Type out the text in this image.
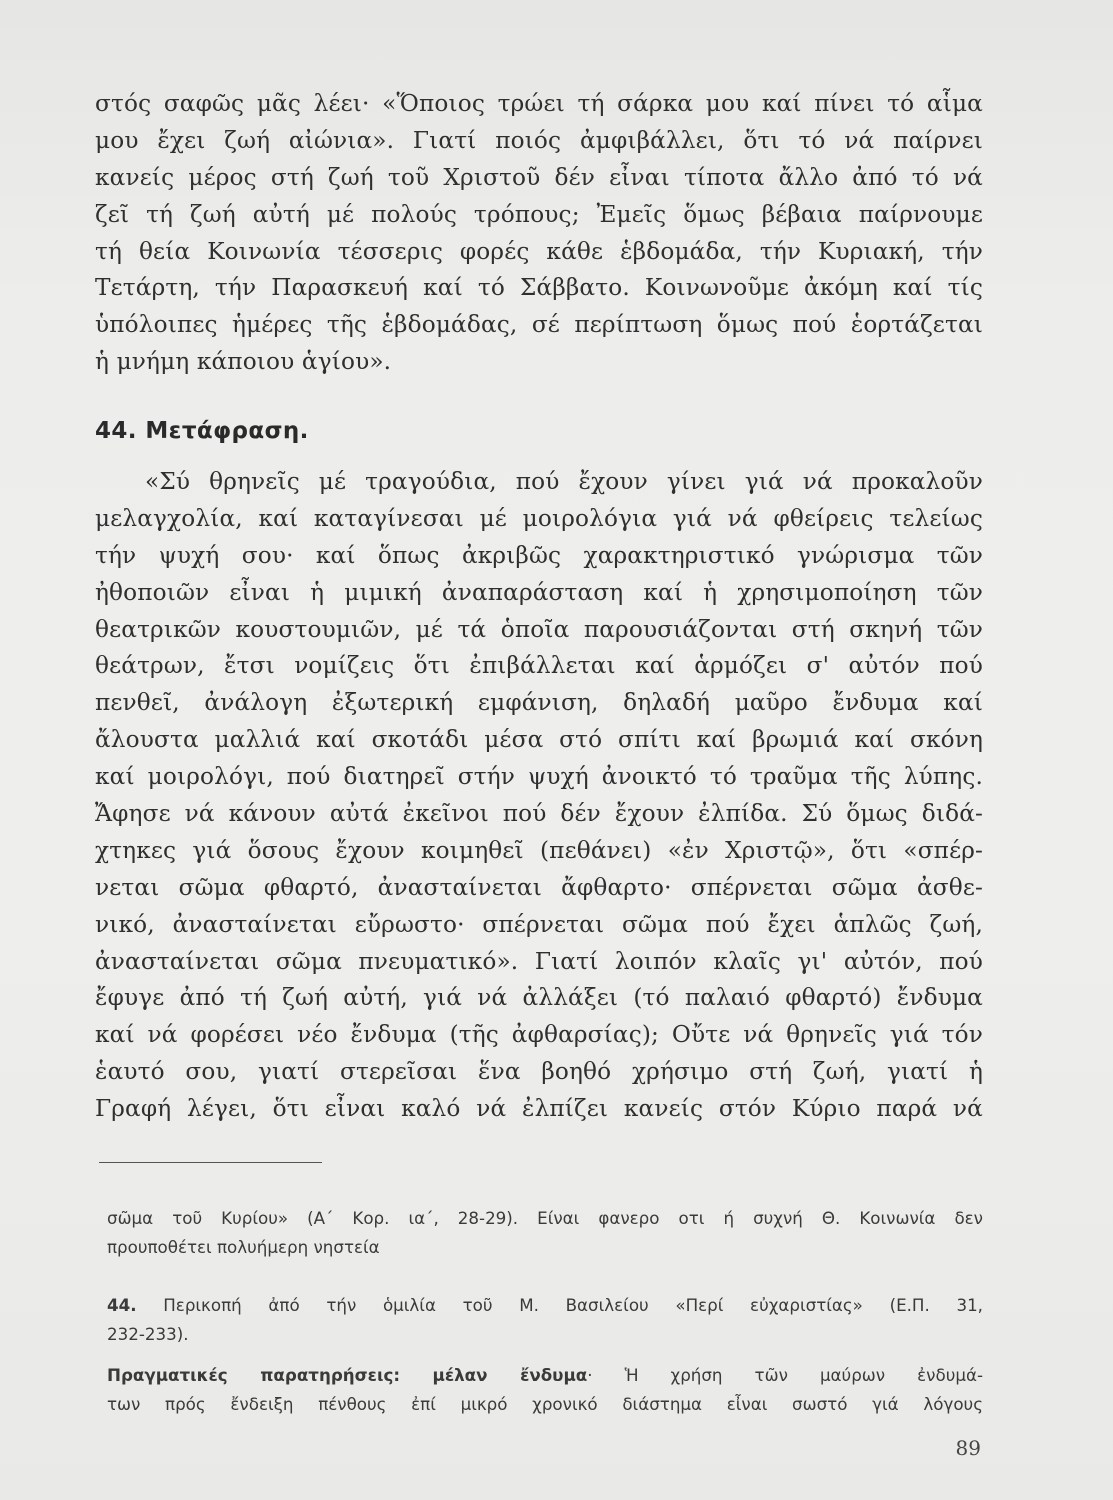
στός σαφῶς μᾶς λέει· «Ὅποιος τρώει τή σάρκα μου καί πίνει τό αἷμα
μου ἔχει ζωή αἰώνια». Γιατί ποιός ἀμφιβάλλει, ὅτι τό νά παίρνει
κανείς μέρος στή ζωή τοῦ Χριστοῦ δέν εἶναι τίποτα ἄλλο ἀπό τό νά
ζεῖ τή ζωή αὐτή μέ πολούς τρόπους; Ἐμεῖς ὅμως βέβαια παίρνουμε
τή θεία Κοινωνία τέσσερις φορές κάθε ἑβδομάδα, τήν Κυριακή, τήν
Τετάρτη, τήν Παρασκευή καί τό Σάββατο. Κοινωνοῦμε ἀκόμη καί τίς
ὑπόλοιπες ἡμέρες τῆς ἑβδομάδας, σέ περίπτωση ὅμως πού ἑορτάζεται
ἡ μνήμη κάποιου ἁγίου».
44. Μετάφραση.
«Σύ θρηνεῖς μέ τραγούδια, πού ἔχουν γίνει γιά νά προκαλοῦν
μελαγχολία, καί καταγίνεσαι μέ μοιρολόγια γιά νά φθείρεις τελείως
τήν ψυχή σου· καί ὅπως ἀκριβῶς χαρακτηριστικό γνώρισμα τῶν
ἠθοποιῶν εἶναι ἡ μιμική ἀναπαράσταση καί ἡ χρησιμοποίηση τῶν
θεατρικῶν κουστουμιῶν, μέ τά ὁποῖα παρουσιάζονται στή σκηνή τῶν
θεάτρων, ἔτσι νομίζεις ὅτι ἐπιβάλλεται καί ἁρμόζει σ' αὐτόν πού
πενθεῖ, ἀνάλογη ἐξωτερική εμφάνιση, δηλαδή μαῦρο ἔνδυμα καί
ἄλουστα μαλλιά καί σκοτάδι μέσα στό σπίτι καί βρωμιά καί σκόνη
καί μοιρολόγι, πού διατηρεῖ στήν ψυχή ἀνοικτό τό τραῦμα τῆς λύπης.
Ἄφησε νά κάνουν αὐτά ἐκεῖνοι πού δέν ἔχουν ἐλπίδα. Σύ ὅμως διδά-
χτηκες γιά ὅσους ἔχουν κοιμηθεῖ (πεθάνει) «ἐν Χριστῷ», ὅτι «σπέρ-
νεται σῶμα φθαρτό, ἀνασταίνεται ἄφθαρτο· σπέρνεται σῶμα ἀσθε-
νικό, ἀνασταίνεται εὔρωστο· σπέρνεται σῶμα πού ἔχει ἁπλῶς ζωή,
ἀνασταίνεται σῶμα πνευματικό». Γιατί λοιπόν κλαῖς γι' αὐτόν, πού
ἔφυγε ἀπό τή ζωή αὐτή, γιά νά ἀλλάξει (τό παλαιό φθαρτό) ἔνδυμα
καί νά φορέσει νέο ἔνδυμα (τῆς ἀφθαρσίας); Οὔτε νά θρηνεῖς γιά τόν
ἑαυτό σου, γιατί στερεῖσαι ἕνα βοηθό χρήσιμο στή ζωή, γιατί ἡ
Γραφή λέγει, ὅτι εἶναι καλό νά ἐλπίζει κανείς στόν Κύριο παρά νά
σῶμα τοῦ Κυρίου» (Α΄ Κορ. ια΄, 28-29). Είναι φανερο οτι ή συχνή Θ. Κοινωνία δεν
προυποθέτει πολυήμερη νηστεία
44. Περικοπή ἀπό τήν ὁμιλία τοῦ Μ. Βασιλείου «Περί εὐχαριστίας» (Ε.Π. 31,
232-233).
Πραγματικές παρατηρήσεις: μέλαν ἔνδυμα· Ἡ χρήση τῶν μαύρων ἐνδυμά-
των πρός ἔνδειξη πένθους ἐπί μικρό χρονικό διάστημα εἶναι σωστό γιά λόγους
89
